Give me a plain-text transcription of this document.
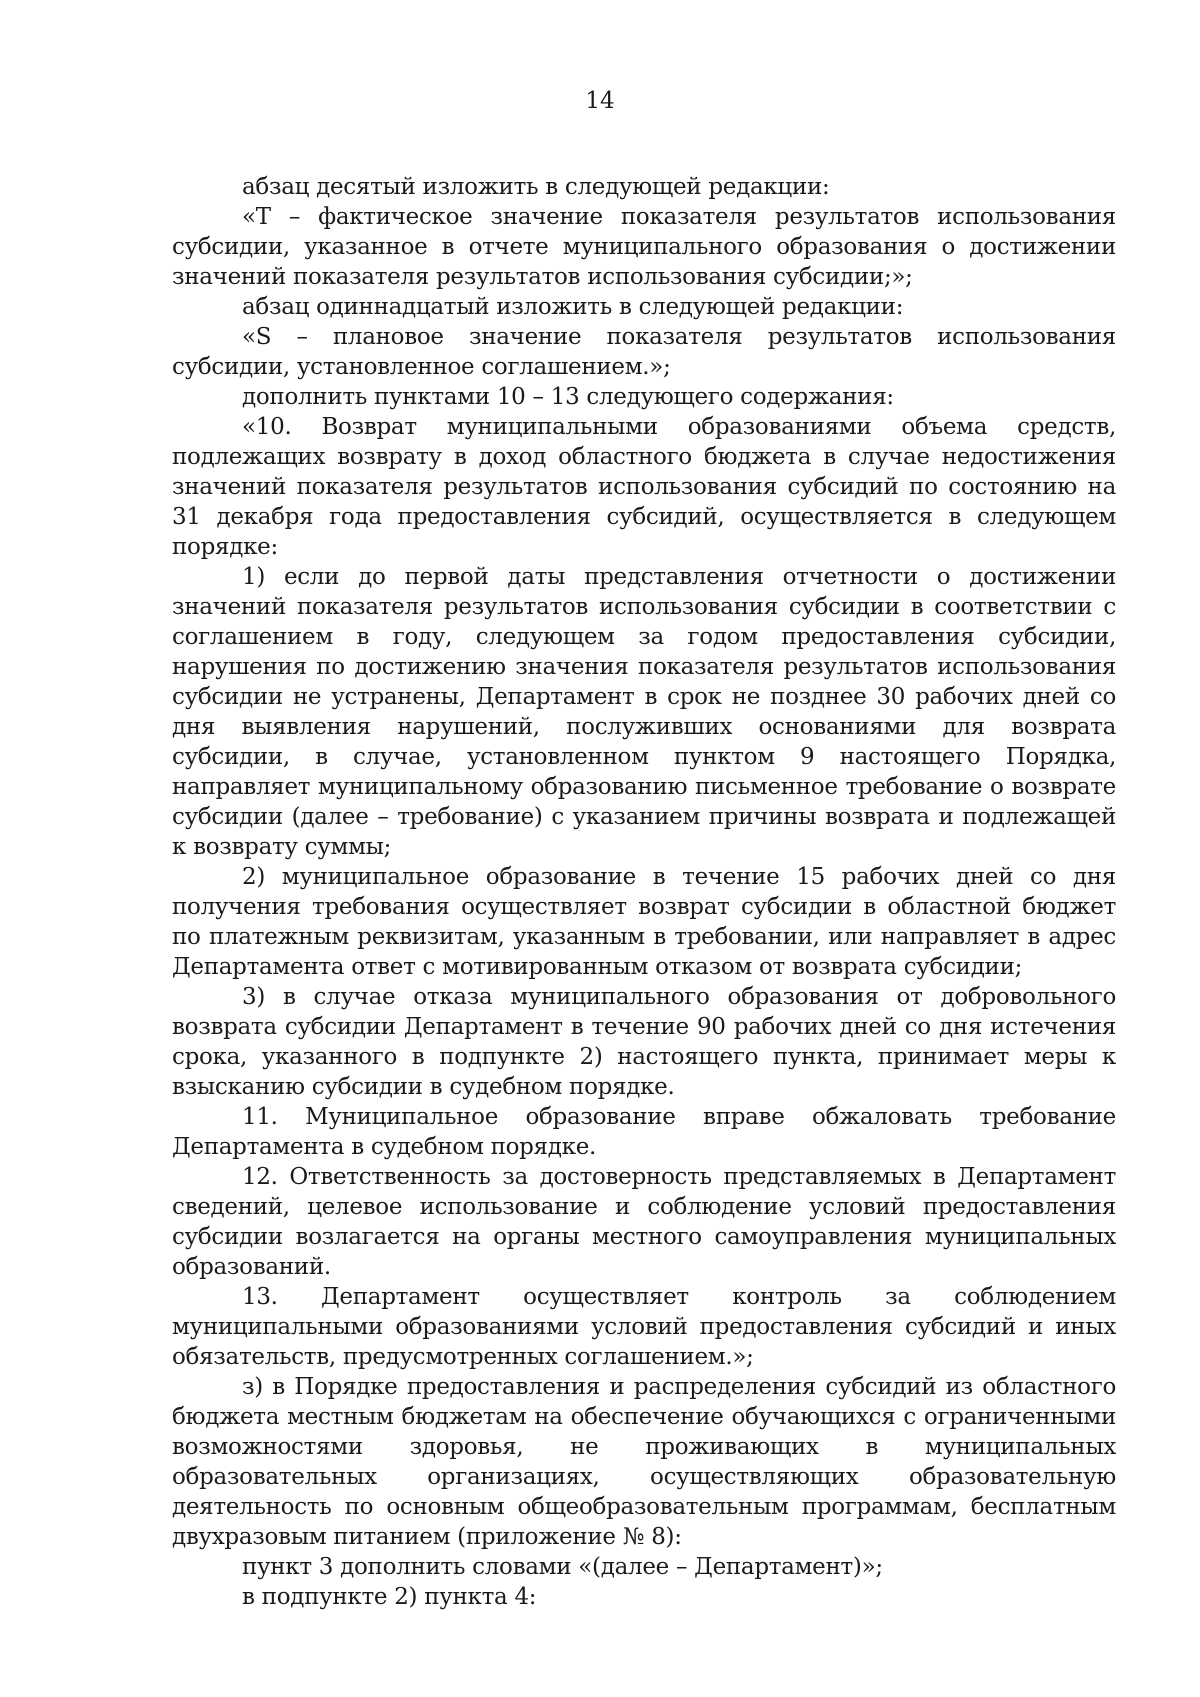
14

абзац десятый изложить в следующей редакции:

«Т – фактическое значение показателя результатов использования субсидии, указанное в отчете муниципального образования о достижении значений показателя результатов использования субсидии;»;

абзац одиннадцатый изложить в следующей редакции:

«S – плановое значение показателя результатов использования субсидии, установленное соглашением.»;

дополнить пунктами 10 – 13 следующего содержания:

«10. Возврат муниципальными образованиями объема средств, подлежащих возврату в доход областного бюджета в случае недостижения значений показателя результатов использования субсидий по состоянию на 31 декабря года предоставления субсидий, осуществляется в следующем порядке:

1) если до первой даты представления отчетности о достижении значений показателя результатов использования субсидии в соответствии с соглашением в году, следующем за годом предоставления субсидии, нарушения по достижению значения показателя результатов использования субсидии не устранены, Департамент в срок не позднее 30 рабочих дней со дня выявления нарушений, послуживших основаниями для возврата субсидии, в случае, установленном пунктом 9 настоящего Порядка, направляет муниципальному образованию письменное требование о возврате субсидии (далее – требование) с указанием причины возврата и подлежащей к возврату суммы;

2) муниципальное образование в течение 15 рабочих дней со дня получения требования осуществляет возврат субсидии в областной бюджет по платежным реквизитам, указанным в требовании, или направляет в адрес Департамента ответ с мотивированным отказом от возврата субсидии;

3) в случае отказа муниципального образования от добровольного возврата субсидии Департамент в течение 90 рабочих дней со дня истечения срока, указанного в подпункте 2) настоящего пункта, принимает меры к взысканию субсидии в судебном порядке.

11. Муниципальное образование вправе обжаловать требование Департамента в судебном порядке.

12. Ответственность за достоверность представляемых в Департамент сведений, целевое использование и соблюдение условий предоставления субсидии возлагается на органы местного самоуправления муниципальных образований.

13. Департамент осуществляет контроль за соблюдением муниципальными образованиями условий предоставления субсидий и иных обязательств, предусмотренных соглашением.»;

з) в Порядке предоставления и распределения субсидий из областного бюджета местным бюджетам на обеспечение обучающихся с ограниченными возможностями здоровья, не проживающих в муниципальных образовательных организациях, осуществляющих образовательную деятельность по основным общеобразовательным программам, бесплатным двухразовым питанием (приложение № 8):

пункт 3 дополнить словами «(далее – Департамент)»;

в подпункте 2) пункта 4:
